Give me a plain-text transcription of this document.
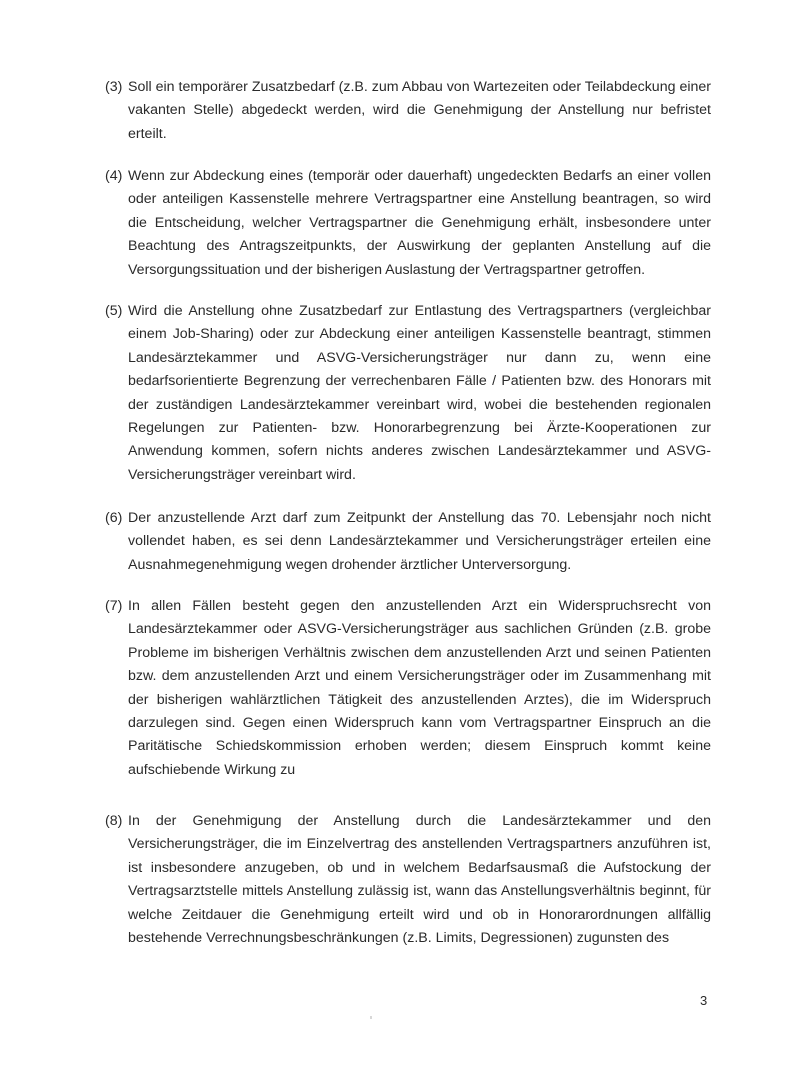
(3) Soll ein temporärer Zusatzbedarf (z.B. zum Abbau von Wartezeiten oder Teilabdeckung einer vakanten Stelle) abgedeckt werden, wird die Genehmigung der Anstellung nur befristet erteilt.
(4) Wenn zur Abdeckung eines (temporär oder dauerhaft) ungedeckten Bedarfs an einer vollen oder anteiligen Kassenstelle mehrere Vertragspartner eine Anstellung beantragen, so wird die Entscheidung, welcher Vertragspartner die Genehmigung erhält, insbesondere unter Beachtung des Antragszeitpunkts, der Auswirkung der geplanten Anstellung auf die Versorgungssituation und der bisherigen Auslastung der Vertragspartner getroffen.
(5) Wird die Anstellung ohne Zusatzbedarf zur Entlastung des Vertragspartners (vergleichbar einem Job-Sharing) oder zur Abdeckung einer anteiligen Kassenstelle beantragt, stimmen Landesärztekammer und ASVG-Versicherungsträger nur dann zu, wenn eine bedarfsorientierte Begrenzung der verrechenbaren Fälle / Patienten bzw. des Honorars mit der zuständigen Landesärztekammer vereinbart wird, wobei die bestehenden regionalen Regelungen zur Patienten- bzw. Honorarbegrenzung bei Ärzte-Kooperationen zur Anwendung kommen, sofern nichts anderes zwischen Landesärztekammer und ASVG-Versicherungsträger vereinbart wird.
(6) Der anzustellende Arzt darf zum Zeitpunkt der Anstellung das 70. Lebensjahr noch nicht vollendet haben, es sei denn Landesärztekammer und Versicherungsträger erteilen eine Ausnahmegenehmigung wegen drohender ärztlicher Unterversorgung.
(7) In allen Fällen besteht gegen den anzustellenden Arzt ein Widerspruchsrecht von Landesärztekammer oder ASVG-Versicherungsträger aus sachlichen Gründen (z.B. grobe Probleme im bisherigen Verhältnis zwischen dem anzustellenden Arzt und seinen Patienten bzw. dem anzustellenden Arzt und einem Versicherungsträger oder im Zusammenhang mit der bisherigen wahlärztlichen Tätigkeit des anzustellenden Arztes), die im Widerspruch darzulegen sind. Gegen einen Widerspruch kann vom Vertragspartner Einspruch an die Paritätische Schiedskommission erhoben werden; diesem Einspruch kommt keine aufschiebende Wirkung zu
(8) In der Genehmigung der Anstellung durch die Landesärztekammer und den Versicherungsträger, die im Einzelvertrag des anstellenden Vertragspartners anzuführen ist, ist insbesondere anzugeben, ob und in welchem Bedarfsausmaß die Aufstockung der Vertragsarztstelle mittels Anstellung zulässig ist, wann das Anstellungsverhältnis beginnt, für welche Zeitdauer die Genehmigung erteilt wird und ob in Honorarordnungen allfällig bestehende Verrechnungsbeschränkungen (z.B. Limits, Degressionen) zugunsten des
3
